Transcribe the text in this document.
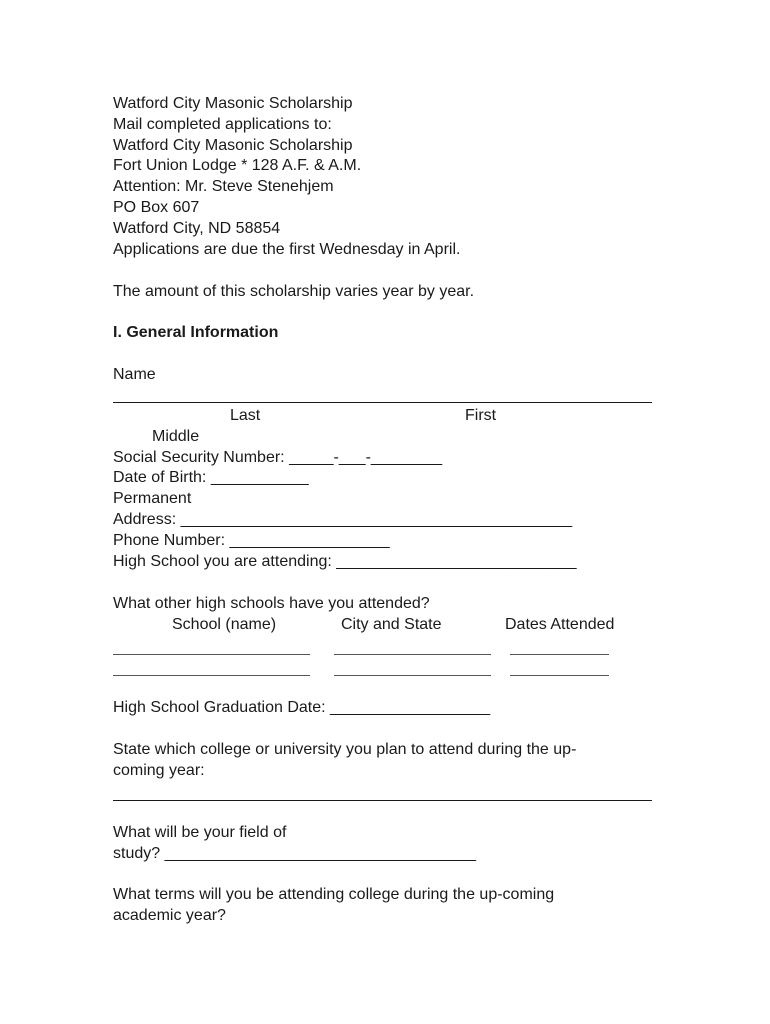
Watford City Masonic Scholarship
Mail completed applications to:
Watford City Masonic Scholarship
Fort Union Lodge * 128 A.F. & A.M.
Attention: Mr. Steve Stenehjem
PO Box 607
Watford City, ND 58854
Applications are due the first Wednesday in April.
The amount of this scholarship varies year by year.
I. General Information
Name
Last	First
Middle
Social Security Number: _____-___-________
Date of Birth: ___________
Permanent
Address: ____________________________________________
Phone Number: __________________
High School you are attending: ___________________________
What other high schools have you attended?
School (name)	City and State	Dates Attended
High School Graduation Date: __________________
State which college or university you plan to attend during the up-
coming year:
What will be your field of
study? ___________________________________
What terms will you be attending college during the up-coming
academic year?
